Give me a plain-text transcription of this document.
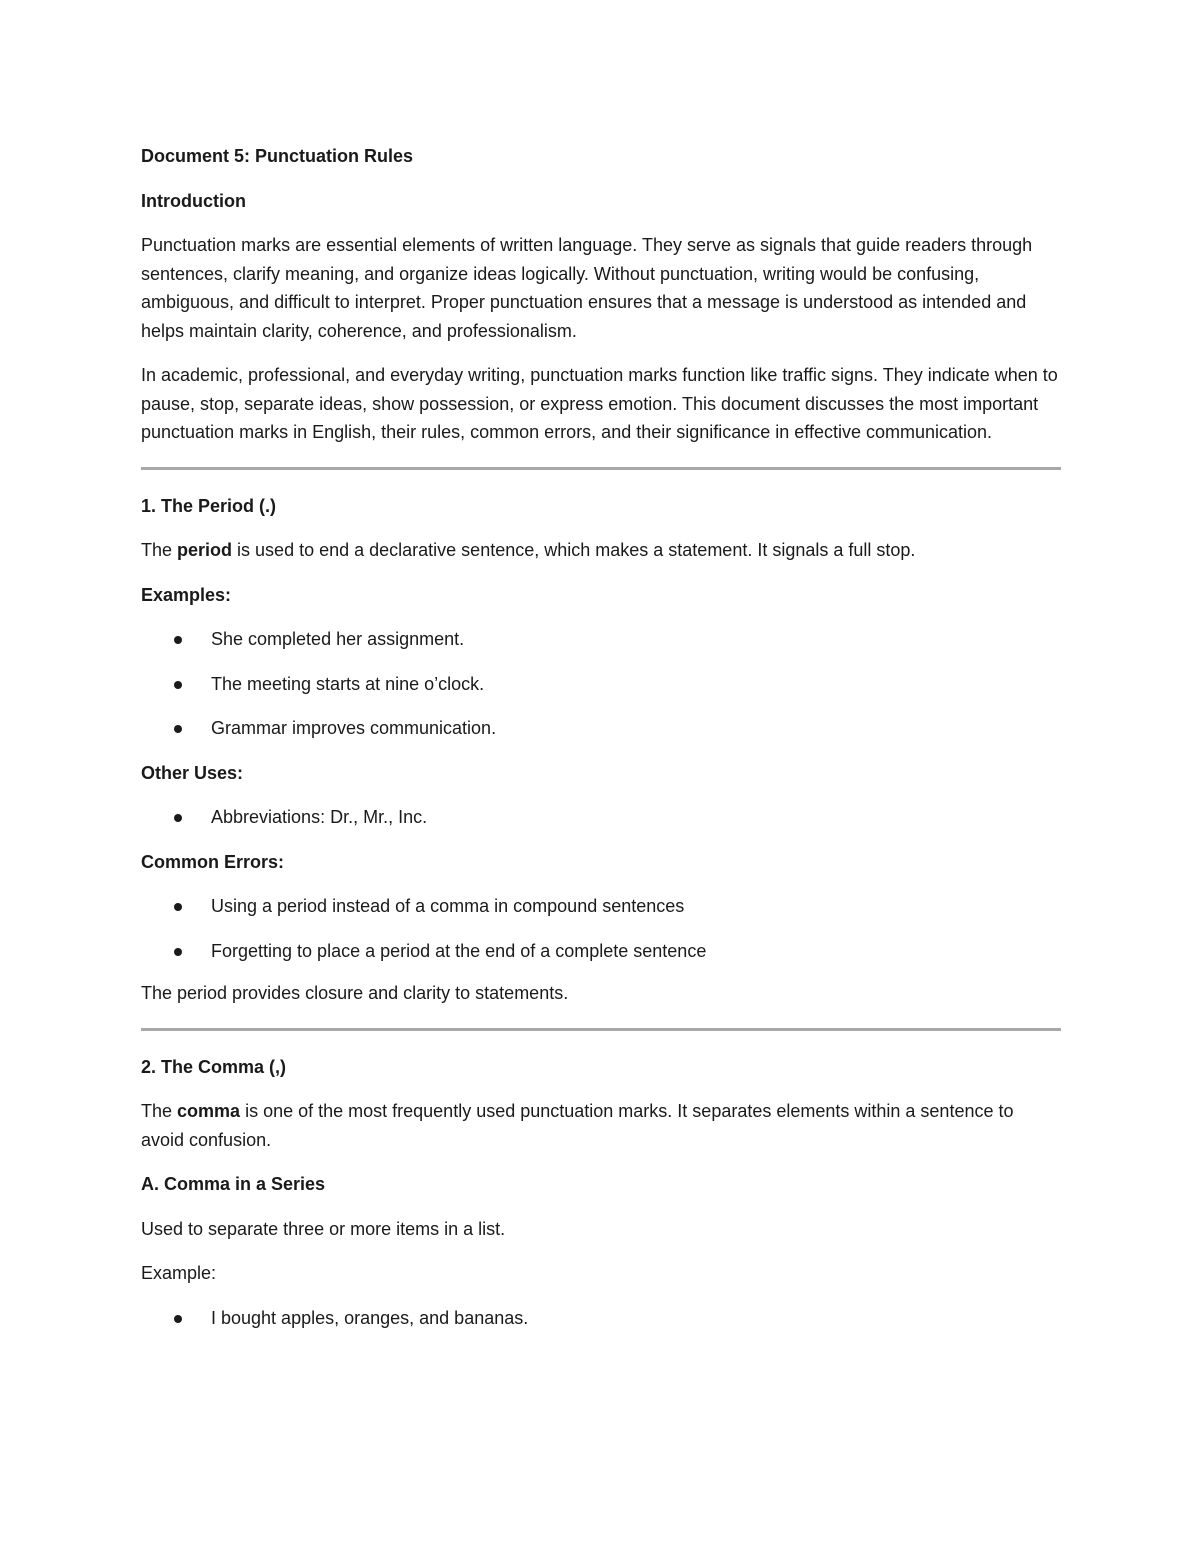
Document 5: Punctuation Rules

Introduction

Punctuation marks are essential elements of written language. They serve as signals that guide readers through sentences, clarify meaning, and organize ideas logically. Without punctuation, writing would be confusing, ambiguous, and difficult to interpret. Proper punctuation ensures that a message is understood as intended and helps maintain clarity, coherence, and professionalism.

In academic, professional, and everyday writing, punctuation marks function like traffic signs. They indicate when to pause, stop, separate ideas, show possession, or express emotion. This document discusses the most important punctuation marks in English, their rules, common errors, and their significance in effective communication.

1. The Period (.)

The period is used to end a declarative sentence, which makes a statement. It signals a full stop.

Examples:

She completed her assignment.
The meeting starts at nine o’clock.
Grammar improves communication.

Other Uses:

Abbreviations: Dr., Mr., Inc.

Common Errors:

Using a period instead of a comma in compound sentences
Forgetting to place a period at the end of a complete sentence

The period provides closure and clarity to statements.

2. The Comma (,)

The comma is one of the most frequently used punctuation marks. It separates elements within a sentence to avoid confusion.

A. Comma in a Series

Used to separate three or more items in a list.

Example:

I bought apples, oranges, and bananas.
